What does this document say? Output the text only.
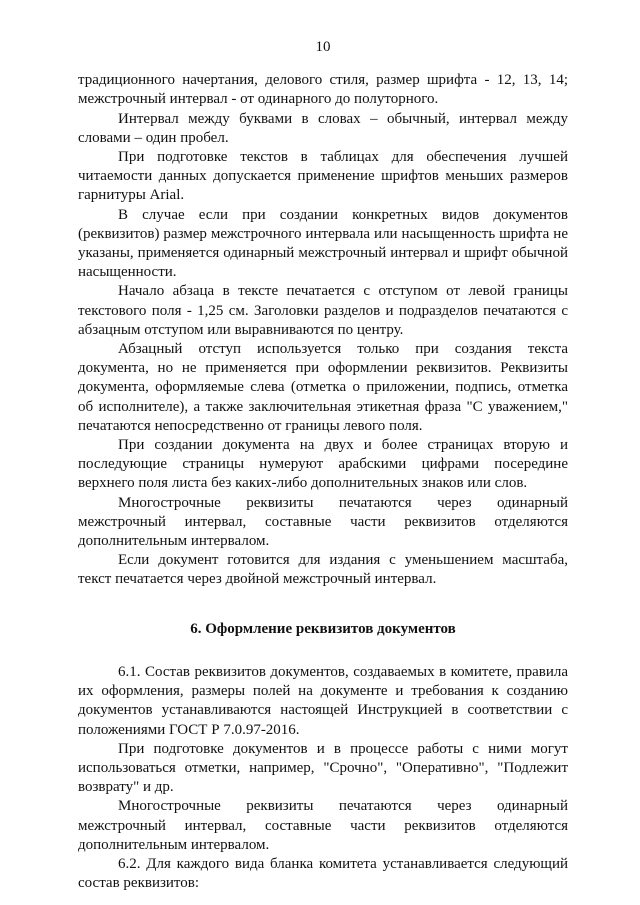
10

традиционного начертания, делового стиля, размер шрифта - 12, 13, 14; межстрочный интервал - от одинарного до полуторного.

Интервал между буквами в словах – обычный, интервал между словами – один пробел.

При подготовке текстов в таблицах для обеспечения лучшей читаемости данных допускается применение шрифтов меньших размеров гарнитуры Arial.

В случае если при создании конкретных видов документов (реквизитов) размер межстрочного интервала или насыщенность шрифта не указаны, применяется одинарный межстрочный интервал и шрифт обычной насыщенности.

Начало абзаца в тексте печатается с отступом от левой границы текстового поля - 1,25 см. Заголовки разделов и подразделов печатаются с абзацным отступом или выравниваются по центру.

Абзацный отступ используется только при создания текста документа, но не применяется при оформлении реквизитов. Реквизиты документа, оформляемые слева (отметка о приложении, подпись, отметка об исполнителе), а также заключительная этикетная фраза "С уважением," печатаются непосредственно от границы левого поля.

При создании документа на двух и более страницах вторую и последующие страницы нумеруют арабскими цифрами посередине верхнего поля листа без каких-либо дополнительных знаков или слов.

Многострочные реквизиты печатаются через одинарный межстрочный интервал, составные части реквизитов отделяются дополнительным интервалом.

Если документ готовится для издания с уменьшением масштаба, текст печатается через двойной межстрочный интервал.

6. Оформление реквизитов документов

6.1. Состав реквизитов документов, создаваемых в комитете, правила их оформления, размеры полей на документе и требования к созданию документов устанавливаются настоящей Инструкцией в соответствии с положениями ГОСТ Р 7.0.97-2016.

При подготовке документов и в процессе работы с ними могут использоваться отметки, например, "Срочно", "Оперативно", "Подлежит возврату" и др.

Многострочные реквизиты печатаются через одинарный межстрочный интервал, составные части реквизитов отделяются дополнительным интервалом.

6.2. Для каждого вида бланка комитета устанавливается следующий состав реквизитов:
